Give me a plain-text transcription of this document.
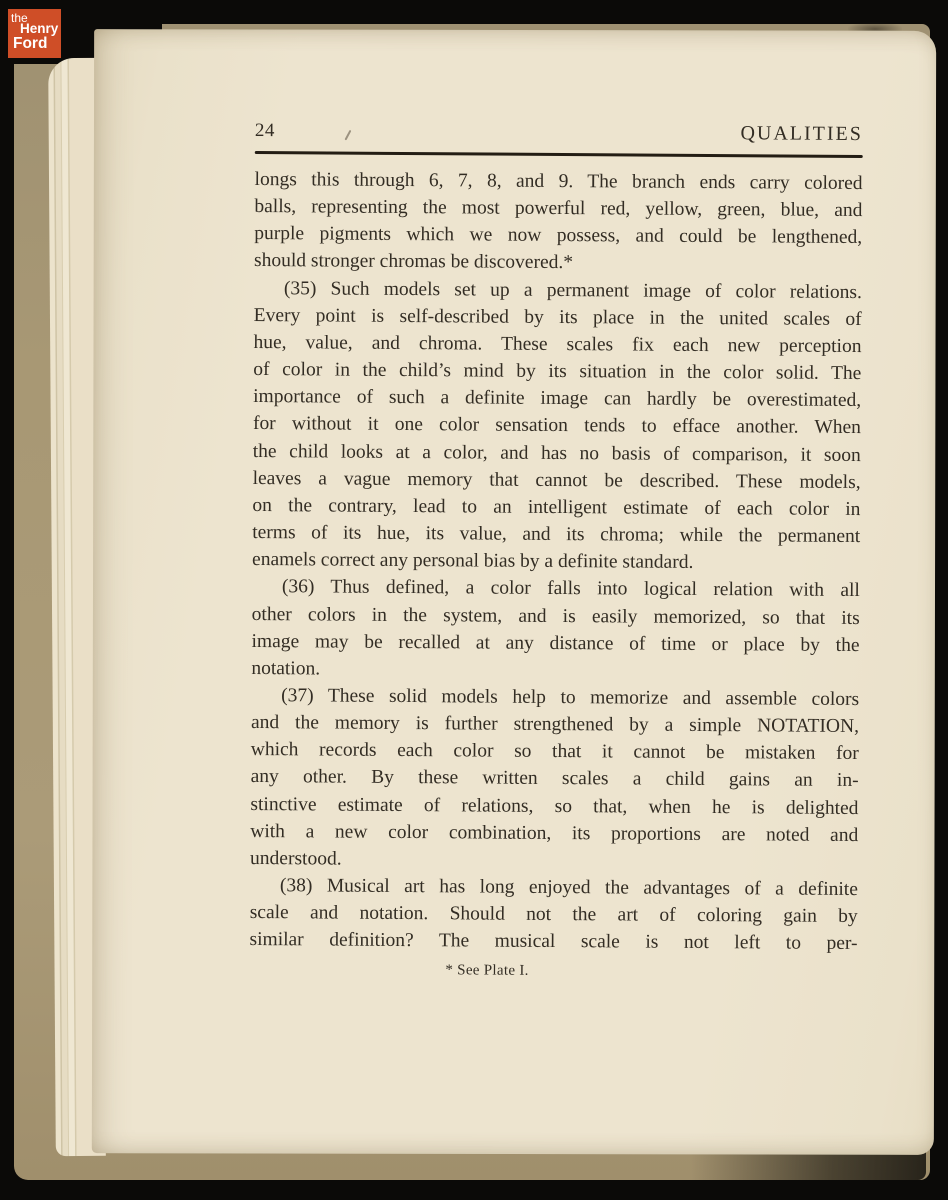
24	QUALITIES
longs this through 6, 7, 8, and 9. The branch ends carry colored
balls, representing the most powerful red, yellow, green, blue, and
purple pigments which we now possess, and could be lengthened,
should stronger chromas be discovered.*
(35) Such models set up a permanent image of color relations.
Every point is self-described by its place in the united scales of
hue, value, and chroma. These scales fix each new perception
of color in the child’s mind by its situation in the color solid. The
importance of such a definite image can hardly be overestimated,
for without it one color sensation tends to efface another. When
the child looks at a color, and has no basis of comparison, it soon
leaves a vague memory that cannot be described. These models,
on the contrary, lead to an intelligent estimate of each color in
terms of its hue, its value, and its chroma; while the permanent
enamels correct any personal bias by a definite standard.
(36) Thus defined, a color falls into logical relation with all
other colors in the system, and is easily memorized, so that its
image may be recalled at any distance of time or place by the
notation.
(37) These solid models help to memorize and assemble colors
and the memory is further strengthened by a simple NOTATION,
which records each color so that it cannot be mistaken for
any other. By these written scales a child gains an in-
stinctive estimate of relations, so that, when he is delighted
with a new color combination, its proportions are noted and
understood.
(38) Musical art has long enjoyed the advantages of a definite
scale and notation. Should not the art of coloring gain by
similar definition? The musical scale is not left to per-
* See Plate I.
the
Henry
Ford
